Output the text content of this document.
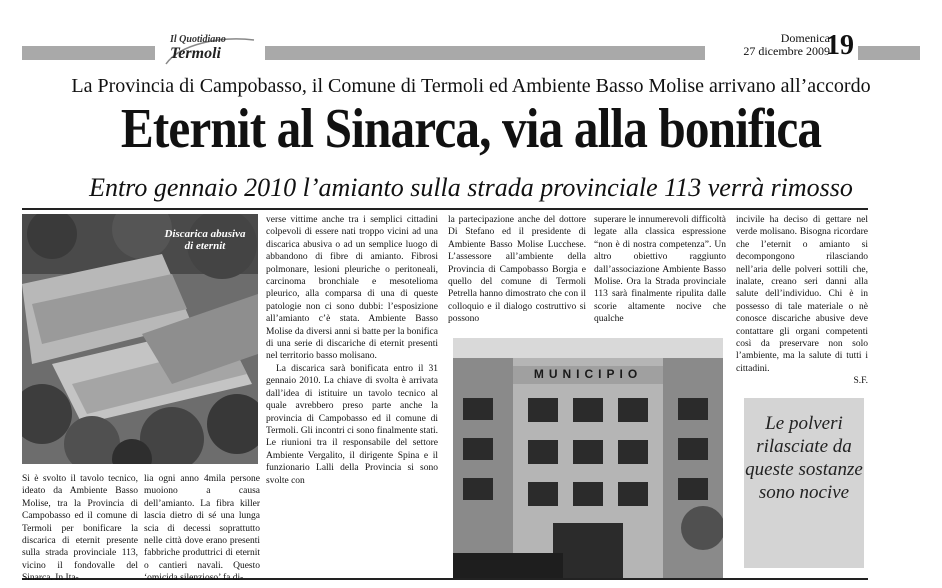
Il Quotidiano
Termoli
Domenica
27 dicembre 2009
19
La Provincia di Campobasso, il Comune di Termoli ed Ambiente Basso Molise arrivano all’accordo
Eternit al Sinarca, via alla bonifica
Entro gennaio 2010 l’amianto sulla strada provinciale 113 verrà rimosso
Discarica abusiva di eternit
MUNICIPIO

Si è svolto il tavolo tecnico, ideato da Ambiente Basso Molise, tra la Provincia di Campobasso ed il comune di Termoli per bonificare la discarica di eternit presente sulla strada provinciale 113, vicino il fondovalle del Sinarca. In Ita-

lia ogni anno 4mila persone muoiono a causa dell’amianto. La fibra killer lascia dietro di sé una lunga scia di decessi soprattutto nelle città dove erano presenti fabbriche produttrici di eternit o cantieri navali. Questo ‘omicida silenzioso’ fa di-

verse vittime anche tra i semplici cittadini colpevoli di essere nati troppo vicini ad una discarica abusiva o ad un semplice luogo di abbandono di fibre di amianto. Fibrosi polmonare, lesioni pleuriche o peritoneali, carcinoma bronchiale e mesotelioma pleurico, alla comparsa di una di queste patologie non ci sono dubbi: l’esposizione all’amianto c’è stata. Ambiente Basso Molise da diversi anni si batte per la bonifica di una serie di discariche di eternit presenti nel territorio basso molisano.

La discarica sarà bonificata entro il 31 gennaio 2010. La chiave di svolta è arrivata dall’idea di istituire un tavolo tecnico al quale avrebbero preso parte anche la provincia di Campobasso ed il comune di Termoli. Gli incontri ci sono finalmente stati. Le riunioni tra il responsabile del settore Ambiente Vergalito, il dirigente Spina e il funzionario Lalli della Provincia si sono svolte con

la partecipazione anche del dottore Di Stefano ed il presidente di Ambiente Basso Molise Lucchese. L’assessore all’ambiente della Provincia di Campobasso Borgia e quello del comune di Termoli Petrella hanno dimostrato che con il colloquio e il dialogo costruttivo si possono

superare le innumerevoli difficoltà legate alla classica espressione “non è di nostra competenza”. Un altro obiettivo raggiunto dall’associazione Ambiente Basso Molise. Ora la Strada provinciale 113 sarà finalmente ripulita dalle scorie altamente nocive che qualche

incivile ha deciso di gettare nel verde molisano. Bisogna ricordare che l’eternit o amianto si decompongono rilasciando nell’aria delle polveri sottili che, inalate, creano seri danni alla salute dell’individuo. Chi è in possesso di tale materiale o nè conosce discariche abusive deve contattare gli organi competenti così da preservare non solo l’ambiente, ma la salute di tutti i cittadini.

S.F.

Le polveri rilasciate da queste sostanze sono nocive
